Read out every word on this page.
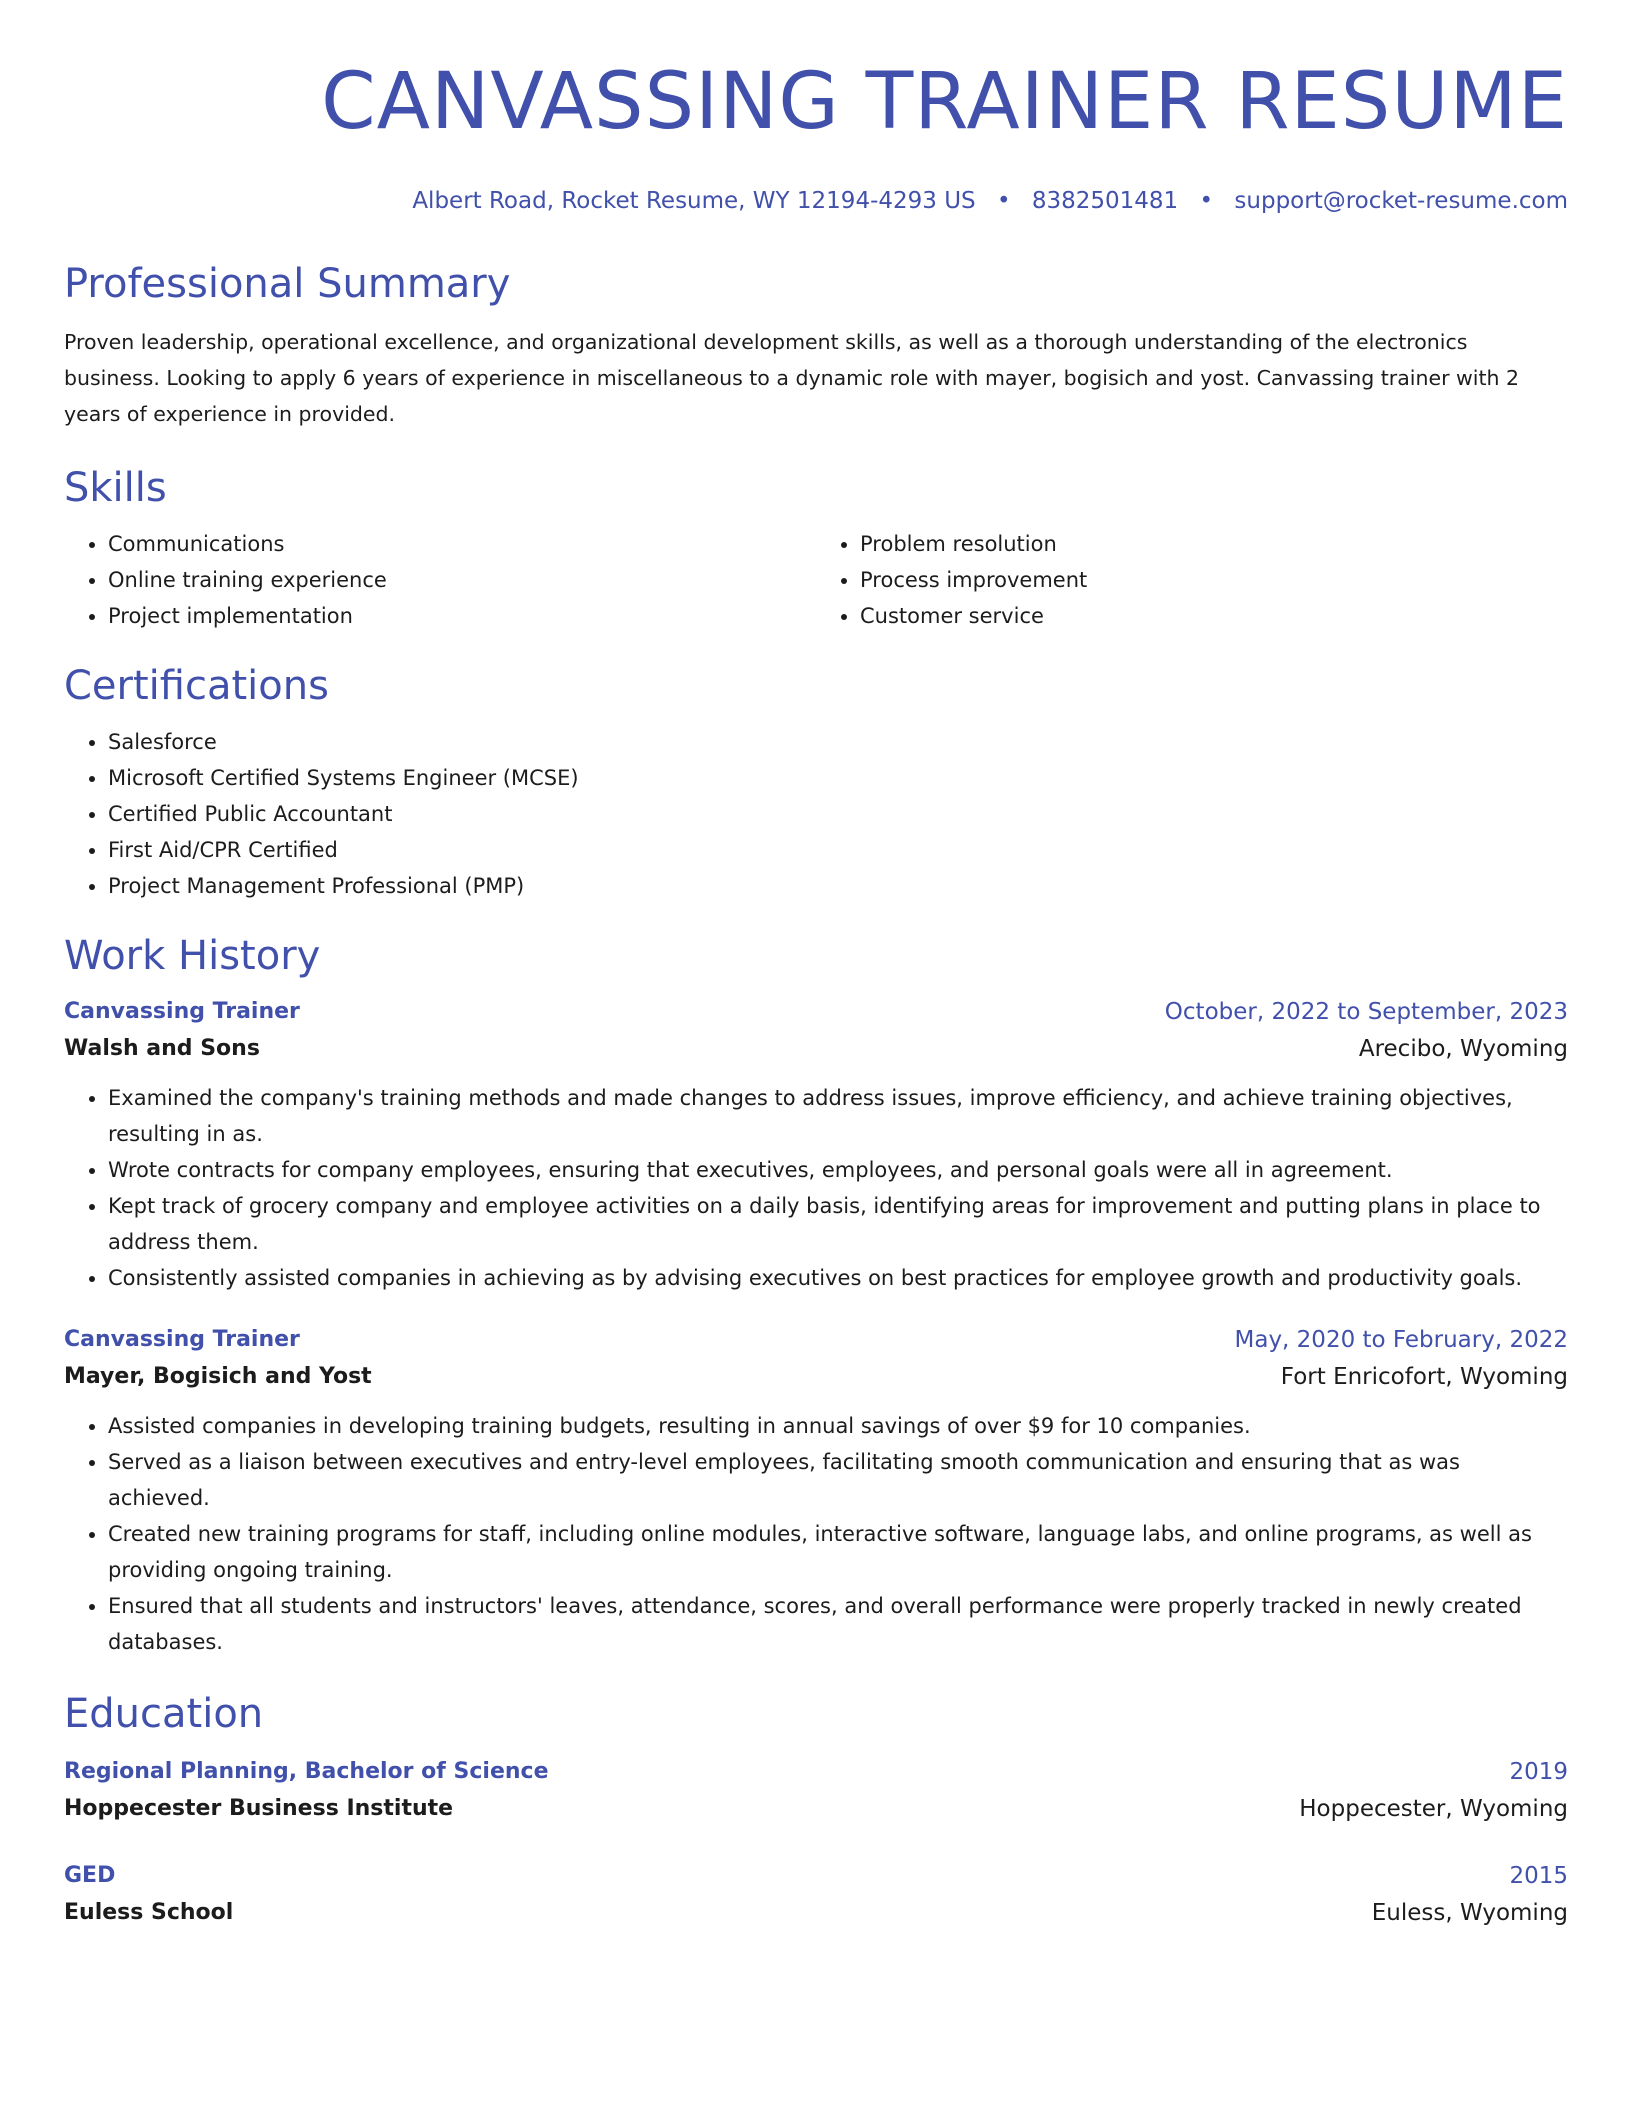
CANVASSING TRAINER RESUME
Albert Road, Rocket Resume, WY 12194-4293 US • 8382501481 • support@rocket-resume.com
Professional Summary
Proven leadership, operational excellence, and organizational development skills, as well as a thorough understanding of the electronics business. Looking to apply 6 years of experience in miscellaneous to a dynamic role with mayer, bogisich and yost. Canvassing trainer with 2 years of experience in provided.
Skills
• Communications
• Online training experience
• Project implementation
• Problem resolution
• Process improvement
• Customer service
Certifications
• Salesforce
• Microsoft Certified Systems Engineer (MCSE)
• Certified Public Accountant
• First Aid/CPR Certified
• Project Management Professional (PMP)
Work History
Canvassing Trainer	October, 2022 to September, 2023
Walsh and Sons	Arecibo, Wyoming
• Examined the company's training methods and made changes to address issues, improve efficiency, and achieve training objectives, resulting in as.
• Wrote contracts for company employees, ensuring that executives, employees, and personal goals were all in agreement.
• Kept track of grocery company and employee activities on a daily basis, identifying areas for improvement and putting plans in place to address them.
• Consistently assisted companies in achieving as by advising executives on best practices for employee growth and productivity goals.
Canvassing Trainer	May, 2020 to February, 2022
Mayer, Bogisich and Yost	Fort Enricofort, Wyoming
• Assisted companies in developing training budgets, resulting in annual savings of over $9 for 10 companies.
• Served as a liaison between executives and entry-level employees, facilitating smooth communication and ensuring that as was achieved.
• Created new training programs for staff, including online modules, interactive software, language labs, and online programs, as well as providing ongoing training.
• Ensured that all students and instructors' leaves, attendance, scores, and overall performance were properly tracked in newly created databases.
Education
Regional Planning, Bachelor of Science	2019
Hoppecester Business Institute	Hoppecester, Wyoming
GED	2015
Euless School	Euless, Wyoming
